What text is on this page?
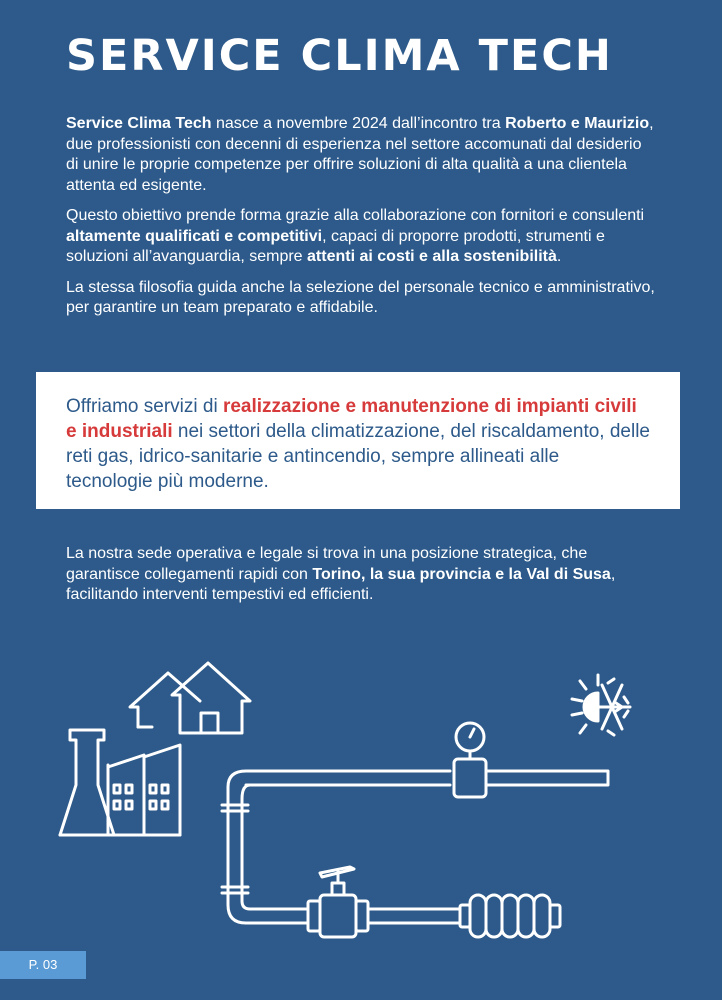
SERVICE CLIMA TECH

Service Clima Tech nasce a novembre 2024 dall’incontro tra Roberto e Maurizio, due professionisti con decenni di esperienza nel settore accomunati dal desiderio di unire le proprie competenze per offrire soluzioni di alta qualità a una clientela attenta ed esigente.

Questo obiettivo prende forma grazie alla collaborazione con fornitori e consulenti altamente qualificati e competitivi, capaci di proporre prodotti, strumenti e soluzioni all’avanguardia, sempre attenti ai costi e alla sostenibilità.

La stessa filosofia guida anche la selezione del personale tecnico e amministrativo, per garantire un team preparato e affidabile.

Offriamo servizi di realizzazione e manutenzione di impianti civili e industriali nei settori della climatizzazione, del riscaldamento, delle reti gas, idrico-sanitarie e antincendio, sempre allineati alle tecnologie più moderne.

La nostra sede operativa e legale si trova in una posizione strategica, che garantisce collegamenti rapidi con Torino, la sua provincia e la Val di Susa, facilitando interventi tempestivi ed efficienti.

P. 03
